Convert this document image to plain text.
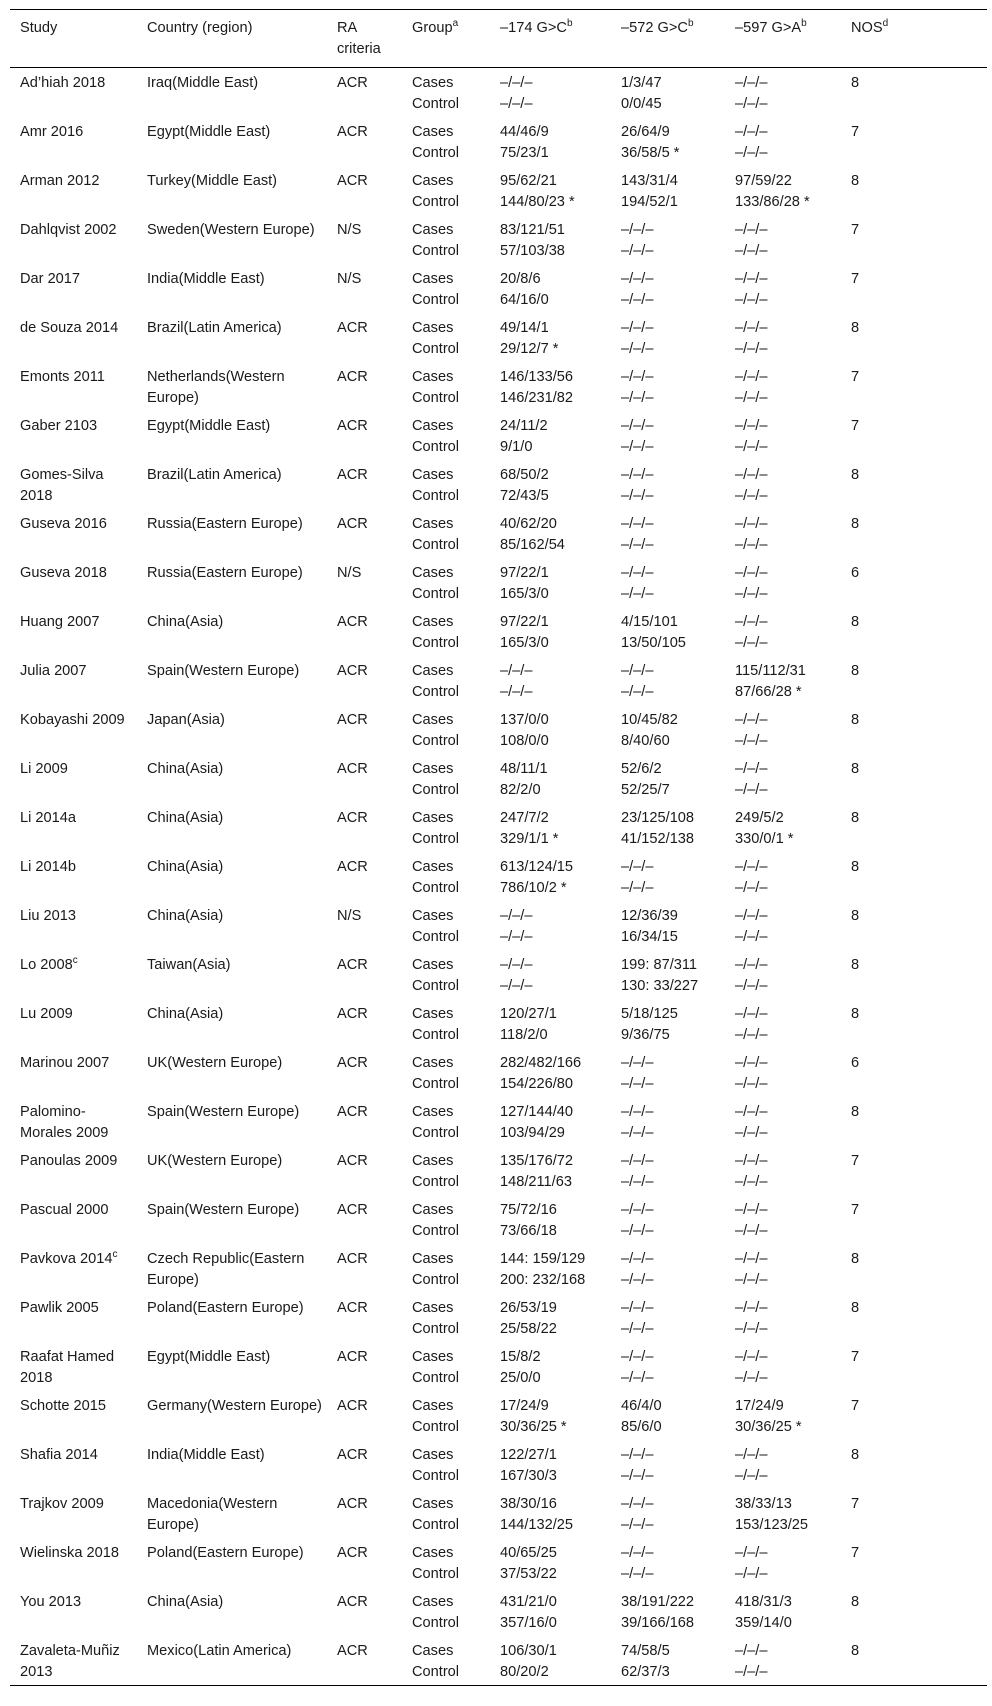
Study	Country (region)	RA criteria	Group$^a$	–174 $G>C^b$	–572 $G>C^b$	–597 $G>A^b$	NOS$^d$
Ad’hiah 2018	Iraq(Middle East)	ACR	Cases	–/–/–	1/3/47	–/–/–	8
			Control	–/–/–	0/0/45	–/–/–	
Amr 2016	Egypt(Middle East)	ACR	Cases	44/46/9	26/64/9	–/–/–	7
			Control	75/23/1	36/58/5 *	–/–/–	
Arman 2012	Turkey(Middle East)	ACR	Cases	95/62/21	143/31/4	97/59/22	8
			Control	144/80/23 *	194/52/1	133/86/28 *	
Dahlqvist 2002	Sweden(Western Europe)	N/S	Cases	83/121/51	–/–/–	–/–/–	7
			Control	57/103/38	–/–/–	–/–/–	
Dar 2017	India(Middle East)	N/S	Cases	20/8/6	–/–/–	–/–/–	7
			Control	64/16/0	–/–/–	–/–/–	
de Souza 2014	Brazil(Latin America)	ACR	Cases	49/14/1	–/–/–	–/–/–	8
			Control	29/12/7 *	–/–/–	–/–/–	
Emonts 2011	Netherlands(Western Europe)	ACR	Cases	146/133/56	–/–/–	–/–/–	7
			Control	146/231/82	–/–/–	–/–/–	
Gaber 2103	Egypt(Middle East)	ACR	Cases	24/11/2	–/–/–	–/–/–	7
			Control	9/1/0	–/–/–	–/–/–	
Gomes-Silva 2018	Brazil(Latin America)	ACR	Cases	68/50/2	–/–/–	–/–/–	8
			Control	72/43/5	–/–/–	–/–/–	
Guseva 2016	Russia(Eastern Europe)	ACR	Cases	40/62/20	–/–/–	–/–/–	8
			Control	85/162/54	–/–/–	–/–/–	
Guseva 2018	Russia(Eastern Europe)	N/S	Cases	97/22/1	–/–/–	–/–/–	6
			Control	165/3/0	–/–/–	–/–/–	
Huang 2007	China(Asia)	ACR	Cases	97/22/1	4/15/101	–/–/–	8
			Control	165/3/0	13/50/105	–/–/–	
Julia 2007	Spain(Western Europe)	ACR	Cases	–/–/–	–/–/–	115/112/31	8
			Control	–/–/–	–/–/–	87/66/28 *	
Kobayashi 2009	Japan(Asia)	ACR	Cases	137/0/0	10/45/82	–/–/–	8
			Control	108/0/0	8/40/60	–/–/–	
Li 2009	China(Asia)	ACR	Cases	48/11/1	52/6/2	–/–/–	8
			Control	82/2/0	52/25/7	–/–/–	
Li 2014a	China(Asia)	ACR	Cases	247/7/2	23/125/108	249/5/2	8
			Control	329/1/1 *	41/152/138	330/0/1 *	
Li 2014b	China(Asia)	ACR	Cases	613/124/15	–/–/–	–/–/–	8
			Control	786/10/2 *	–/–/–	–/–/–	
Liu 2013	China(Asia)	N/S	Cases	–/–/–	12/36/39	–/–/–	8
			Control	–/–/–	16/34/15	–/–/–	
Lo 2008$^c$	Taiwan(Asia)	ACR	Cases	–/–/–	199: 87/311	–/–/–	8
			Control	–/–/–	130: 33/227	–/–/–	
Lu 2009	China(Asia)	ACR	Cases	120/27/1	5/18/125	–/–/–	8
			Control	118/2/0	9/36/75	–/–/–	
Marinou 2007	UK(Western Europe)	ACR	Cases	282/482/166	–/–/–	–/–/–	6
			Control	154/226/80	–/–/–	–/–/–	
Palomino-Morales 2009	Spain(Western Europe)	ACR	Cases	127/144/40	–/–/–	–/–/–	8
			Control	103/94/29	–/–/–	–/–/–	
Panoulas 2009	UK(Western Europe)	ACR	Cases	135/176/72	–/–/–	–/–/–	7
			Control	148/211/63	–/–/–	–/–/–	
Pascual 2000	Spain(Western Europe)	ACR	Cases	75/72/16	–/–/–	–/–/–	7
			Control	73/66/18	–/–/–	–/–/–	
Pavkova 2014$^c$	Czech Republic(Eastern Europe)	ACR	Cases	144: 159/129	–/–/–	–/–/–	8
			Control	200: 232/168	–/–/–	–/–/–	
Pawlik 2005	Poland(Eastern Europe)	ACR	Cases	26/53/19	–/–/–	–/–/–	8
			Control	25/58/22	–/–/–	–/–/–	
Raafat Hamed 2018	Egypt(Middle East)	ACR	Cases	15/8/2	–/–/–	–/–/–	7
			Control	25/0/0	–/–/–	–/–/–	
Schotte 2015	Germany(Western Europe)	ACR	Cases	17/24/9	46/4/0	17/24/9	7
			Control	30/36/25 *	85/6/0	30/36/25 *	
Shafia 2014	India(Middle East)	ACR	Cases	122/27/1	–/–/–	–/–/–	8
			Control	167/30/3	–/–/–	–/–/–	
Trajkov 2009	Macedonia(Western Europe)	ACR	Cases	38/30/16	–/–/–	38/33/13	7
			Control	144/132/25	–/–/–	153/123/25	
Wielinska 2018	Poland(Eastern Europe)	ACR	Cases	40/65/25	–/–/–	–/–/–	7
			Control	37/53/22	–/–/–	–/–/–	
You 2013	China(Asia)	ACR	Cases	431/21/0	38/191/222	418/31/3	8
			Control	357/16/0	39/166/168	359/14/0	
Zavaleta-Muñiz 2013	Mexico(Latin America)	ACR	Cases	106/30/1	74/58/5	–/–/–	8
			Control	80/20/2	62/37/3	–/–/–	
